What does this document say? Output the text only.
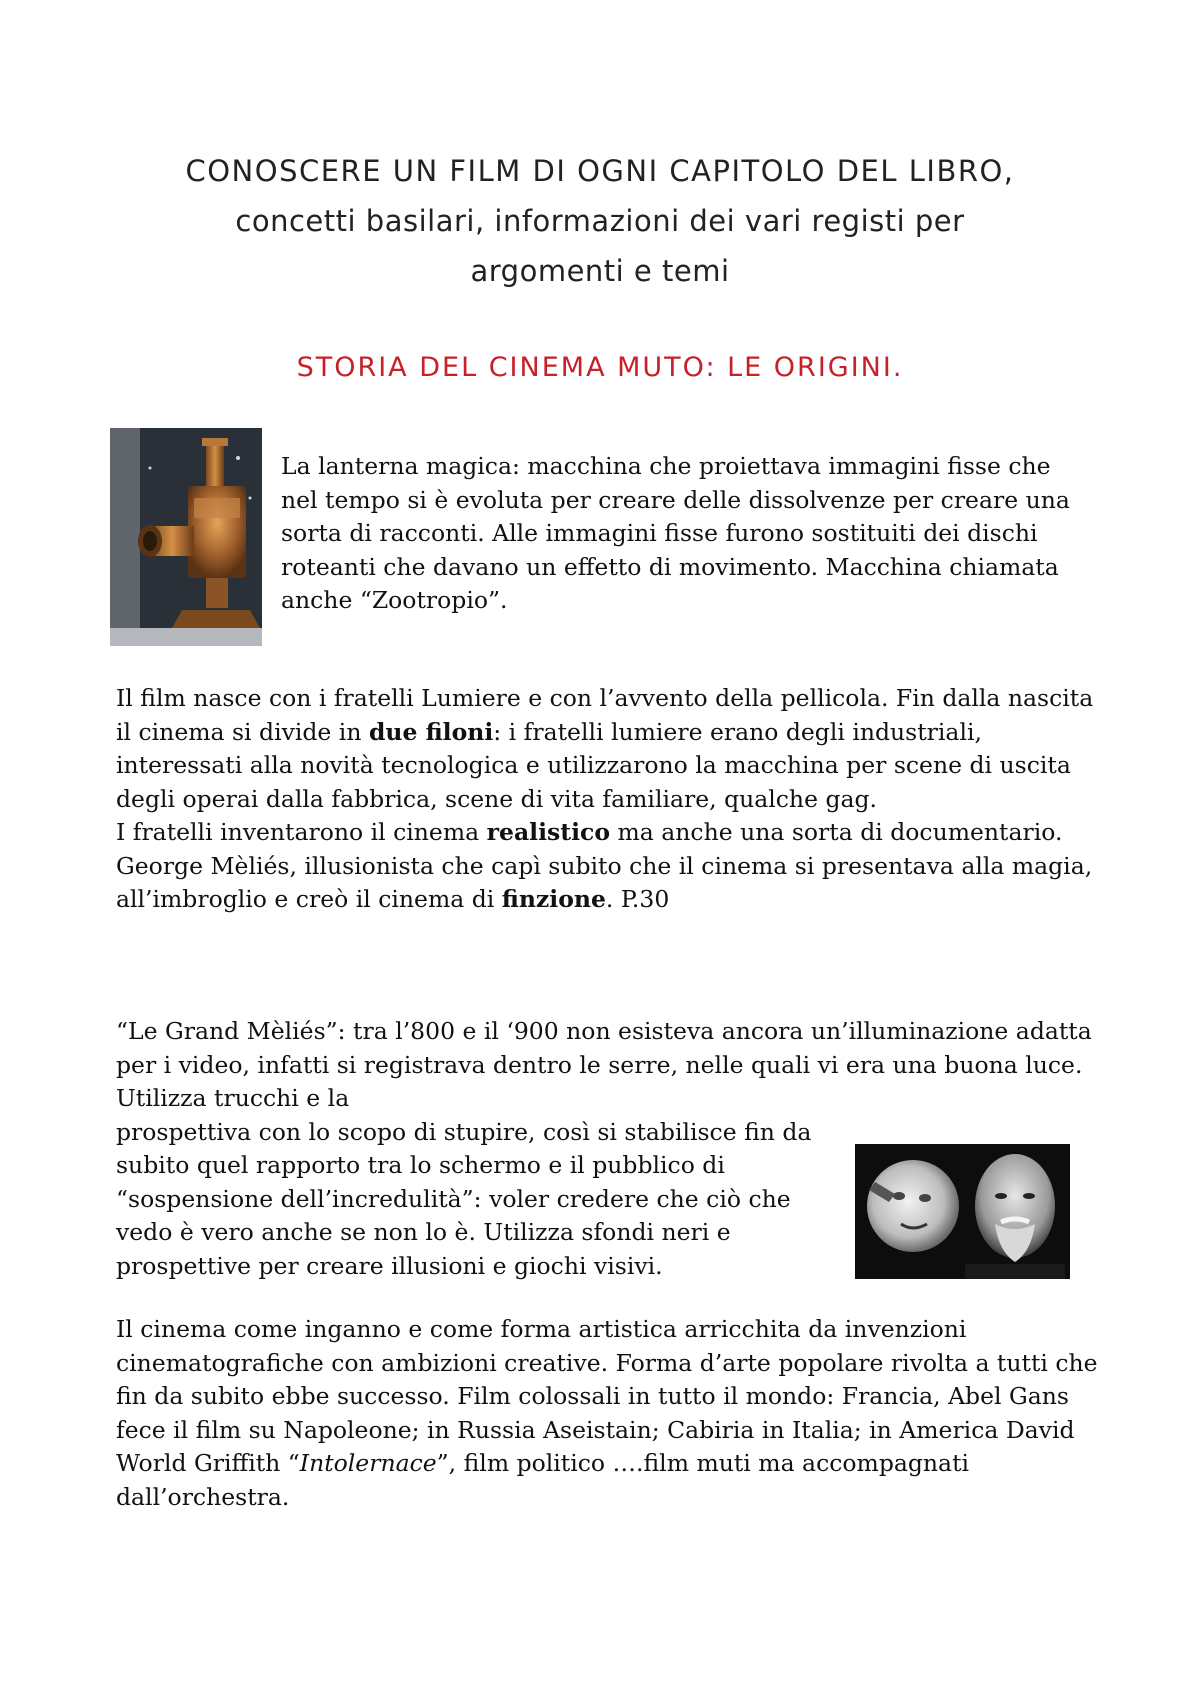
CONOSCERE UN FILM DI OGNI CAPITOLO DEL LIBRO,
concetti basilari, informazioni dei vari registi per
argomenti e temi
STORIA DEL CINEMA MUTO: LE ORIGINI.
La lanterna magica: macchina che proiettava immagini fisse che nel tempo si è evoluta per creare delle dissolvenze per creare una sorta di racconti. Alle immagini fisse furono sostituiti dei dischi roteanti che davano un effetto di movimento. Macchina chiamata anche “Zootropio”.

Il film nasce con i fratelli Lumiere e con l’avvento della pellicola. Fin dalla nascita il cinema si divide in due filoni: i fratelli lumiere erano degli industriali, interessati alla novità tecnologica e utilizzarono la macchina per scene di uscita degli operai dalla fabbrica, scene di vita familiare, qualche gag.

I fratelli inventarono il cinema realistico ma anche una sorta di documentario.

George Mèliés, illusionista che capì subito che il cinema si presentava alla magia, all’imbroglio e creò il cinema di finzione. P.30

“Le Grand Mèliés”: tra l’800 e il ‘900 non esisteva ancora un’illuminazione adatta per i video, infatti si registrava dentro le serre, nelle quali vi era una buona luce. Utilizza trucchi e la

prospettiva con lo scopo di stupire, così si stabilisce fin da subito quel rapporto tra lo schermo e il pubblico di “sospensione dell’incredulità”: voler credere che ciò che vedo è vero anche se non lo è. Utilizza sfondi neri e prospettive per creare illusioni e giochi visivi.

Il cinema come inganno e come forma artistica arricchita da invenzioni cinematografiche con ambizioni creative. Forma d’arte popolare rivolta a tutti che fin da subito ebbe successo. Film colossali in tutto il mondo: Francia, Abel Gans fece il film su Napoleone; in Russia Aseistain; Cabiria in Italia; in America David World Griffith “Intolernace”, film politico ….film muti ma accompagnati dall’orchestra.
